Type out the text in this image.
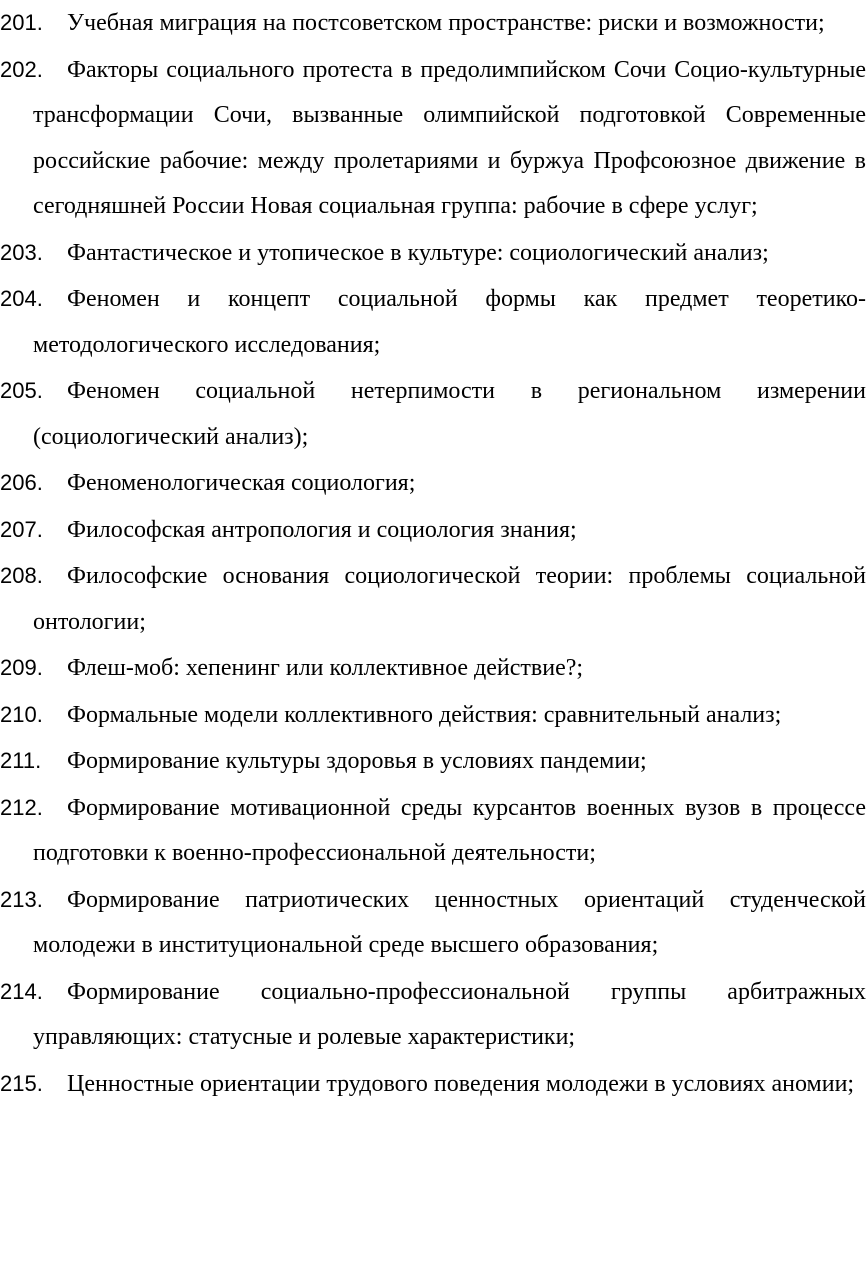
201. Учебная миграция на постсоветском пространстве: риски и возможности;
202. Факторы социального протеста в предолимпийском Сочи Социо-культурные трансформации Сочи, вызванные олимпийской подготовкой Современные российские рабочие: между пролетариями и буржуа Профсоюзное движение в сегодняшней России Новая социальная группа: рабочие в сфере услуг;
203. Фантастическое и утопическое в культуре: социологический анализ;
204. Феномен и концепт социальной формы как предмет теоретико-методологического исследования;
205. Феномен социальной нетерпимости в региональном измерении (социологический анализ);
206. Феноменологическая социология;
207. Философская антропология и социология знания;
208. Философские основания социологической теории: проблемы социальной онтологии;
209. Флеш-моб: хепенинг или коллективное действие?;
210. Формальные модели коллективного действия: сравнительный анализ;
211. Формирование культуры здоровья в условиях пандемии;
212. Формирование мотивационной среды курсантов военных вузов в процессе подготовки к военно-профессиональной деятельности;
213. Формирование патриотических ценностных ориентаций студенческой молодежи в институциональной среде высшего образования;
214. Формирование социально-профессиональной группы арбитражных управляющих: статусные и ролевые характеристики;
215. Ценностные ориентации трудового поведения молодежи в условиях аномии;
